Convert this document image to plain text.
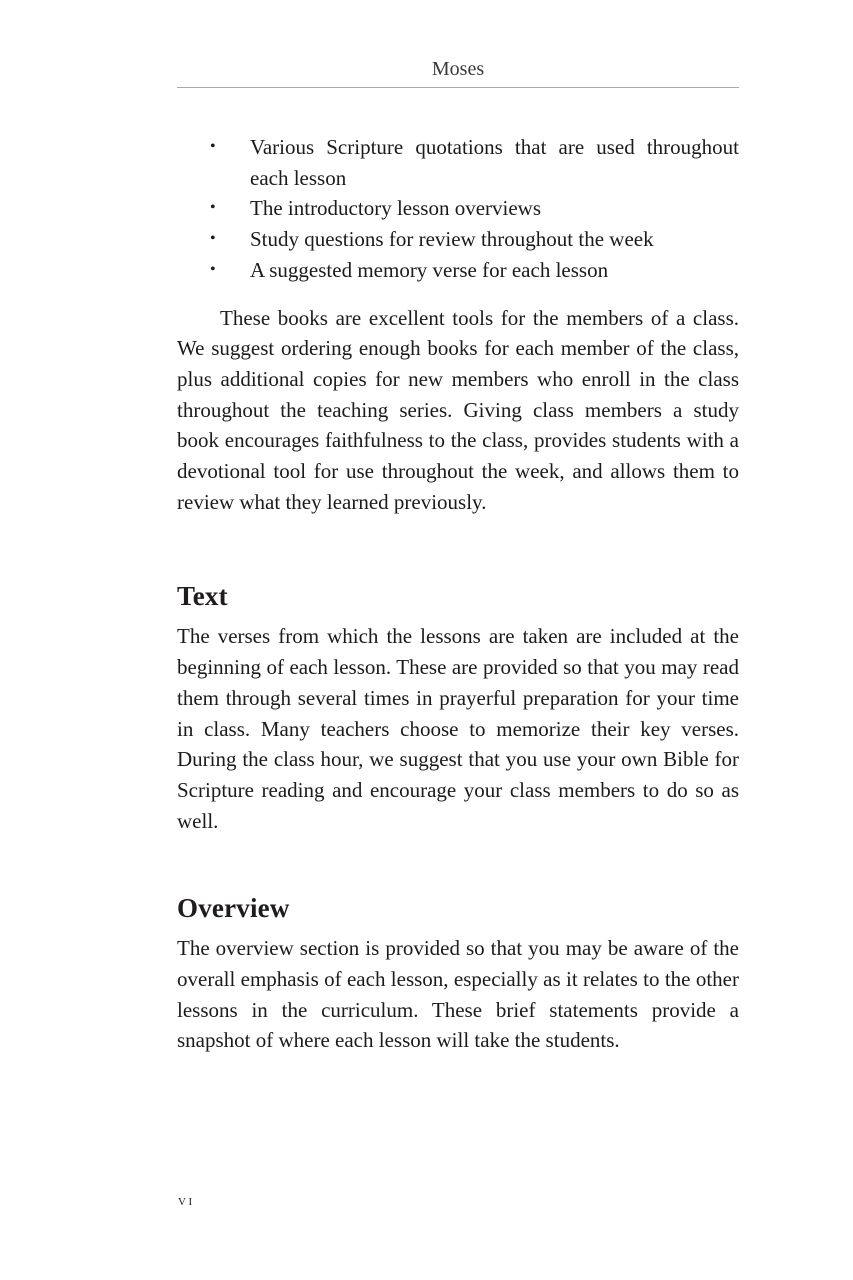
Moses
• Various Scripture quotations that are used throughout each lesson
• The introductory lesson overviews
• Study questions for review throughout the week
• A suggested memory verse for each lesson

These books are excellent tools for the members of a class. We suggest ordering enough books for each member of the class, plus additional copies for new members who enroll in the class throughout the teaching series. Giving class members a study book encourages faithfulness to the class, provides students with a devotional tool for use throughout the week, and allows them to review what they learned previously.

Text

The verses from which the lessons are taken are included at the beginning of each lesson. These are provided so that you may read them through several times in prayerful preparation for your time in class. Many teachers choose to memorize their key verses. During the class hour, we suggest that you use your own Bible for Scripture reading and encourage your class members to do so as well.

Overview

The overview section is provided so that you may be aware of the overall emphasis of each lesson, especially as it relates to the other lessons in the curriculum. These brief statements provide a snapshot of where each lesson will take the students.

vi
